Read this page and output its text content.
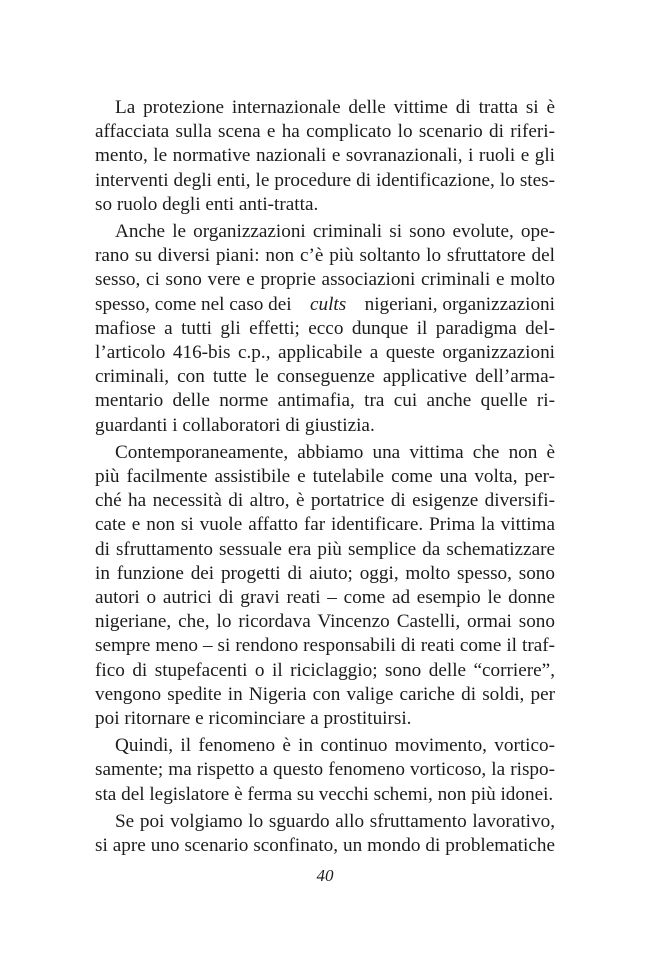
La protezione internazionale delle vittime di tratta si è
affacciata sulla scena e ha complicato lo scenario di riferi-
mento, le normative nazionali e sovranazionali, i ruoli e gli
interventi degli enti, le procedure di identificazione, lo stes-
so ruolo degli enti anti-tratta.
Anche le organizzazioni criminali si sono evolute, ope-
rano su diversi piani: non c’è più soltanto lo sfruttatore del
sesso, ci sono vere e proprie associazioni criminali e molto
spesso, come nel caso dei cults nigeriani, organizzazioni
mafiose a tutti gli effetti; ecco dunque il paradigma del-
l’articolo 416-bis c.p., applicabile a queste organizzazioni
criminali, con tutte le conseguenze applicative dell’arma-
mentario delle norme antimafia, tra cui anche quelle ri-
guardanti i collaboratori di giustizia.
Contemporaneamente, abbiamo una vittima che non è
più facilmente assistibile e tutelabile come una volta, per-
ché ha necessità di altro, è portatrice di esigenze diversifi-
cate e non si vuole affatto far identificare. Prima la vittima
di sfruttamento sessuale era più semplice da schematizzare
in funzione dei progetti di aiuto; oggi, molto spesso, sono
autori o autrici di gravi reati – come ad esempio le donne
nigeriane, che, lo ricordava Vincenzo Castelli, ormai sono
sempre meno – si rendono responsabili di reati come il traf-
fico di stupefacenti o il riciclaggio; sono delle “corriere”,
vengono spedite in Nigeria con valige cariche di soldi, per
poi ritornare e ricominciare a prostituirsi.
Quindi, il fenomeno è in continuo movimento, vortico-
samente; ma rispetto a questo fenomeno vorticoso, la rispo-
sta del legislatore è ferma su vecchi schemi, non più idonei.
Se poi volgiamo lo sguardo allo sfruttamento lavorativo,
si apre uno scenario sconfinato, un mondo di problematiche
40
